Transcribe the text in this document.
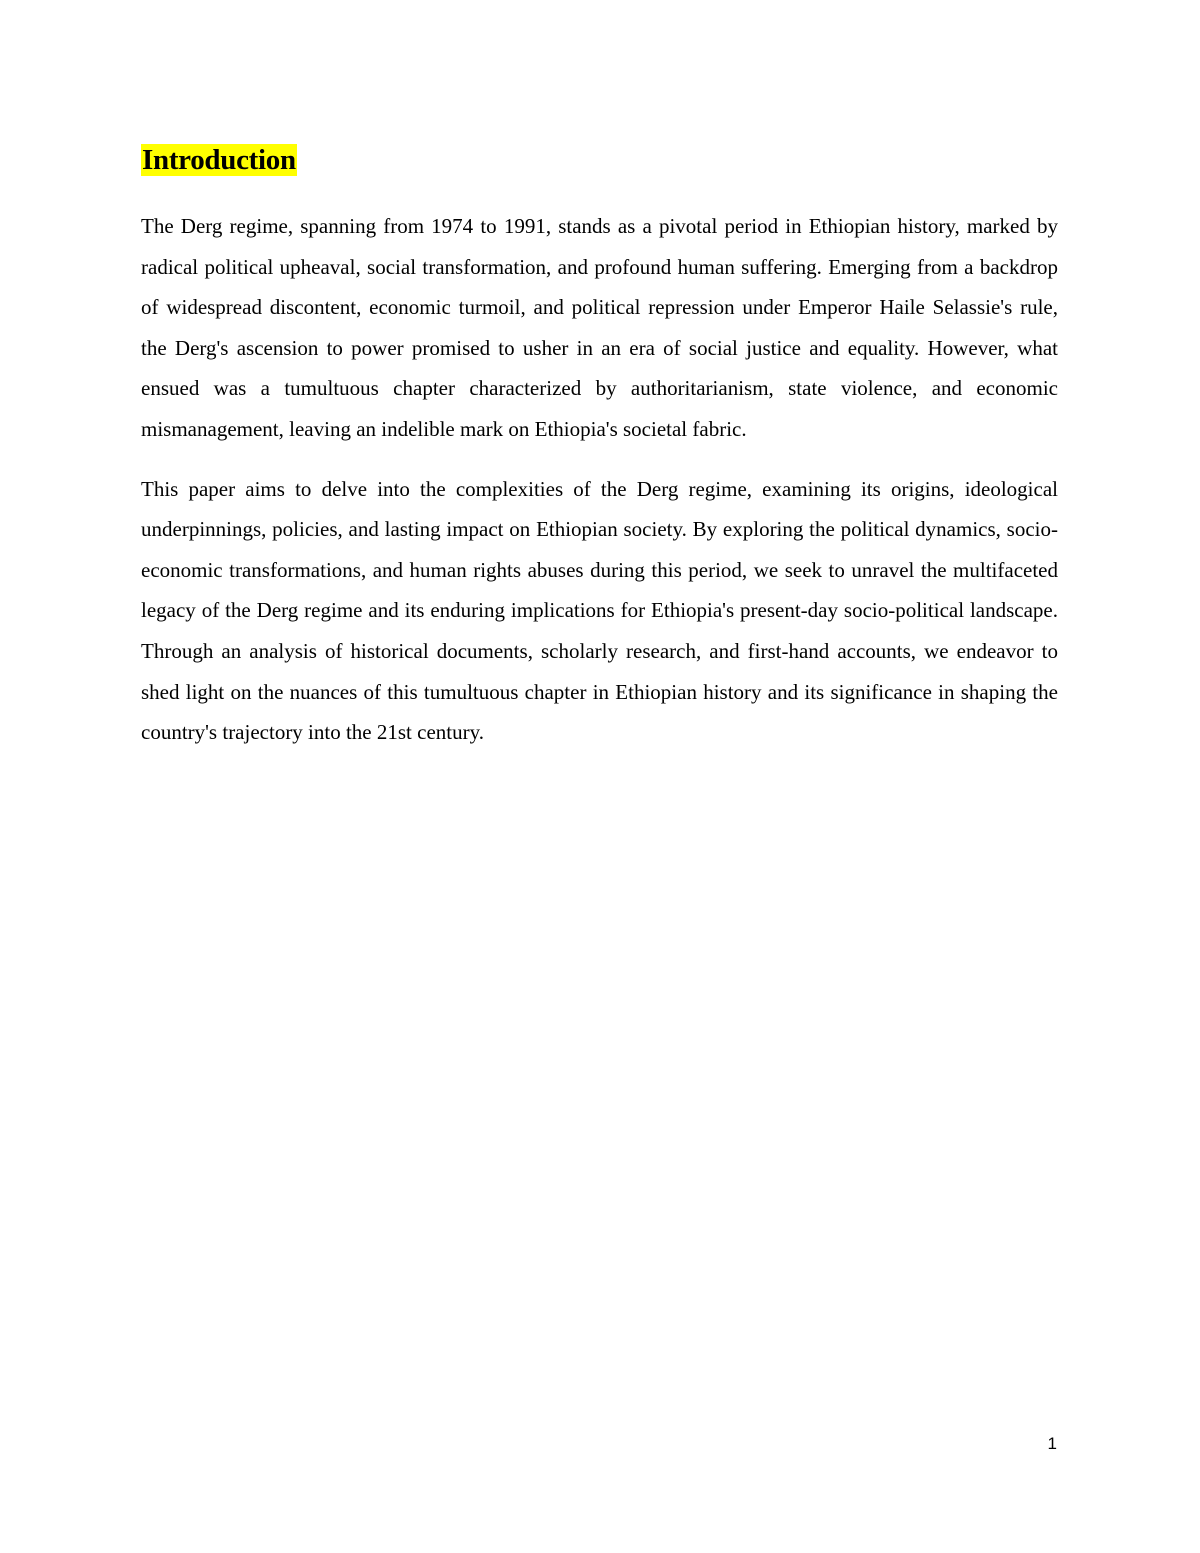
Introduction

The Derg regime, spanning from 1974 to 1991, stands as a pivotal period in Ethiopian history, marked by radical political upheaval, social transformation, and profound human suffering. Emerging from a backdrop of widespread discontent, economic turmoil, and political repression under Emperor Haile Selassie's rule, the Derg's ascension to power promised to usher in an era of social justice and equality. However, what ensued was a tumultuous chapter characterized by authoritarianism, state violence, and economic mismanagement, leaving an indelible mark on Ethiopia's societal fabric.

This paper aims to delve into the complexities of the Derg regime, examining its origins, ideological underpinnings, policies, and lasting impact on Ethiopian society. By exploring the political dynamics, socio-economic transformations, and human rights abuses during this period, we seek to unravel the multifaceted legacy of the Derg regime and its enduring implications for Ethiopia's present-day socio-political landscape. Through an analysis of historical documents, scholarly research, and first-hand accounts, we endeavor to shed light on the nuances of this tumultuous chapter in Ethiopian history and its significance in shaping the country's trajectory into the 21st century.

1
